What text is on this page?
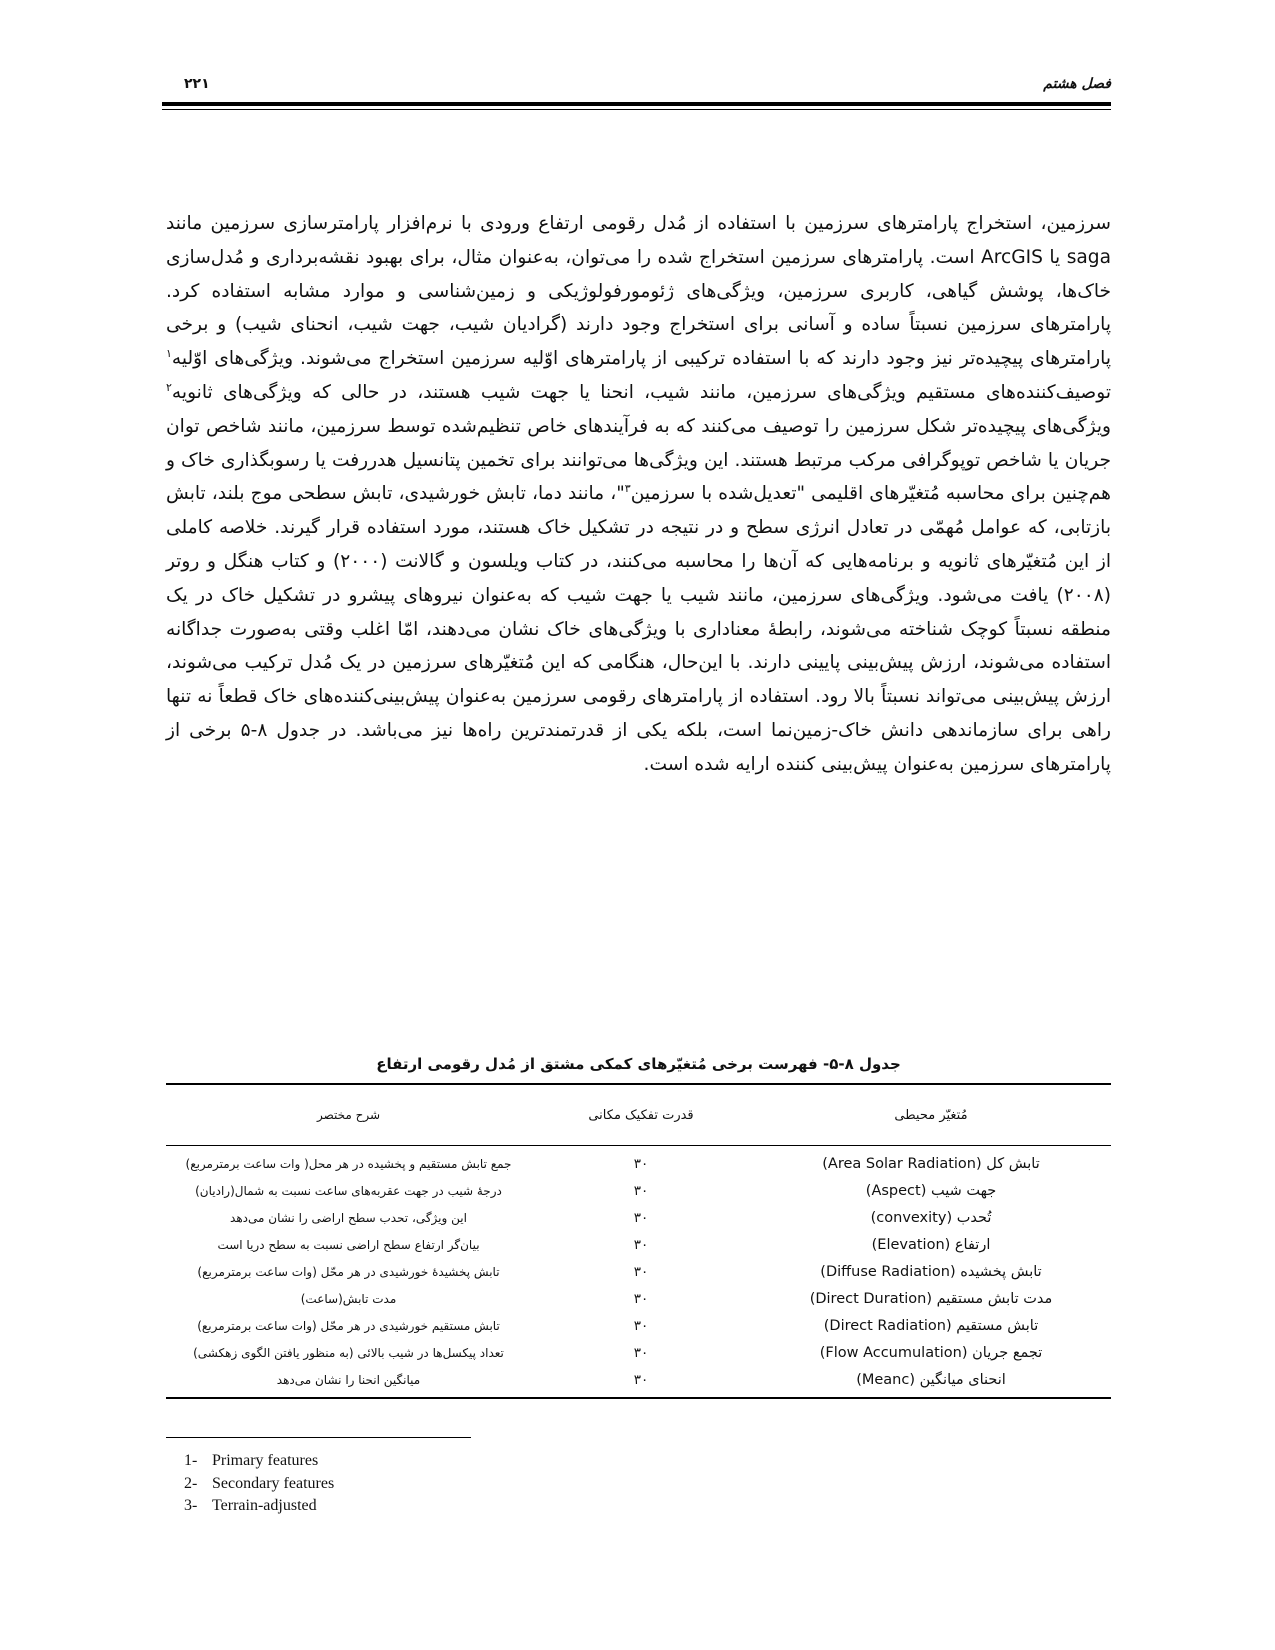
فصل هشتم
۲۲۱

سرزمین، استخراج پارامترهای سرزمین با استفاده از مُدل رقومی ارتفاع ورودی با نرم‌افزار پارامترسازی سرزمین مانند saga یا ArcGIS است. پارامترهای سرزمین استخراج شده را می‌توان، به‌عنوان مثال، برای بهبود نقشه‌برداری و مُدل‌سازی خاک‌ها، پوشش گیاهی، کاربری سرزمین، ویژگی‌های ژئومورفولوژیکی و زمین‌شناسی و موارد مشابه استفاده کرد. پارامترهای سرزمین نسبتاً ساده و آسانی برای استخراج وجود دارند (گرادیان شیب، جهت شیب، انحنای شیب) و برخی پارامترهای پیچیده‌تر نیز وجود دارند که با استفاده ترکیبی از پارامترهای اوّلیه سرزمین استخراج می‌شوند. ویژگی‌های اوّلیه$^۱$ توصیف‌کننده‌های مستقیم ویژگی‌های سرزمین، مانند شیب، انحنا یا جهت شیب هستند، در حالی که ویژگی‌های ثانویه$^۲$ ویژگی‌های پیچیده‌تر شکل سرزمین را توصیف می‌کنند که به فرآیندهای خاص تنظیم‌شده توسط سرزمین، مانند شاخص توان جریان یا شاخص توپوگرافی مرکب مرتبط هستند. این ویژگی‌ها می‌توانند برای تخمین پتانسیل هدررفت یا رسوبگذاری خاک و هم‌چنین برای محاسبه مُتغیّرهای اقلیمی "تعدیل‌شده با سرزمین$^۳$"، مانند دما، تابش خورشیدی، تابش سطحی موج بلند، تابش بازتابی، که عوامل مُهمّی در تعادل انرژی سطح و در نتیجه در تشکیل خاک هستند، مورد استفاده قرار گیرند. خلاصه کاملی از این مُتغیّرهای ثانویه و برنامه‌هایی که آن‌ها را محاسبه می‌کنند، در کتاب ویلسون و گالانت (۲۰۰۰) و کتاب هنگل و روتر (۲۰۰۸) یافت می‌شود. ویژگی‌های سرزمین، مانند شیب یا جهت شیب که به‌عنوان نیروهای پیشرو در تشکیل خاک در یک منطقه نسبتاً کوچک شناخته می‌شوند، رابطهٔ معناداری با ویژگی‌های خاک نشان می‌دهند، امّا اغلب وقتی به‌صورت جداگانه استفاده می‌شوند، ارزش پیش‌بینی پایینی دارند. با این‌حال، هنگامی که این مُتغیّرهای سرزمین در یک مُدل ترکیب می‌شوند، ارزش پیش‌بینی می‌تواند نسبتاً بالا رود. استفاده از پارامترهای رقومی سرزمین به‌عنوان پیش‌بینی‌کننده‌های خاک قطعاً نه تنها راهی برای سازماندهی دانش خاک-زمین‌نما است، بلکه یکی از قدرتمندترین راه‌ها نیز می‌باشد. در جدول ۸-۵ برخی از پارامترهای سرزمین به‌عنوان پیش‌بینی کننده ارایه شده است.

جدول ۸-۵- فهرست برخی مُتغیّرهای کمکی مشتق از مُدل رقومی ارتفاع
مُتغیّر محیطی
قدرت تفکیک مکانی
شرح مختصر
تابش کل (Area Solar Radiation)
۳۰
جمع تابش مستقیم و پخشیده در هر محل( وات ساعت برمترمربع)
جهت شیب (Aspect)
۳۰
درجهٔ شیب در جهت عقربه‌های ساعت نسبت به شمال(رادیان)
تُحدب (convexity)
۳۰
این ویژگی، تحدب سطح اراضی را نشان می‌دهد
ارتفاع (Elevation)
۳۰
بیان‌گر ارتفاع سطح اراضی نسبت به سطح دریا است
تابش پخشیده (Diffuse Radiation)
۳۰
تابش پخشیدهٔ خورشیدی در هر محّل (وات ساعت برمترمربع)
مدت تابش مستقیم (Direct Duration)
۳۰
مدت تابش(ساعت)
تابش مستقیم (Direct Radiation)
۳۰
تابش مستقیم خورشیدی در هر محّل (وات ساعت برمترمربع)
تجمع جریان (Flow Accumulation)
۳۰
تعداد پیکسل‌ها در شیب بالائی (به منظور یافتن الگوی زهکشی)
انحنای میانگین (Meanc)
۳۰
میانگین انحنا را نشان می‌دهد
1- Primary features
2- Secondary features
3- Terrain-adjusted
